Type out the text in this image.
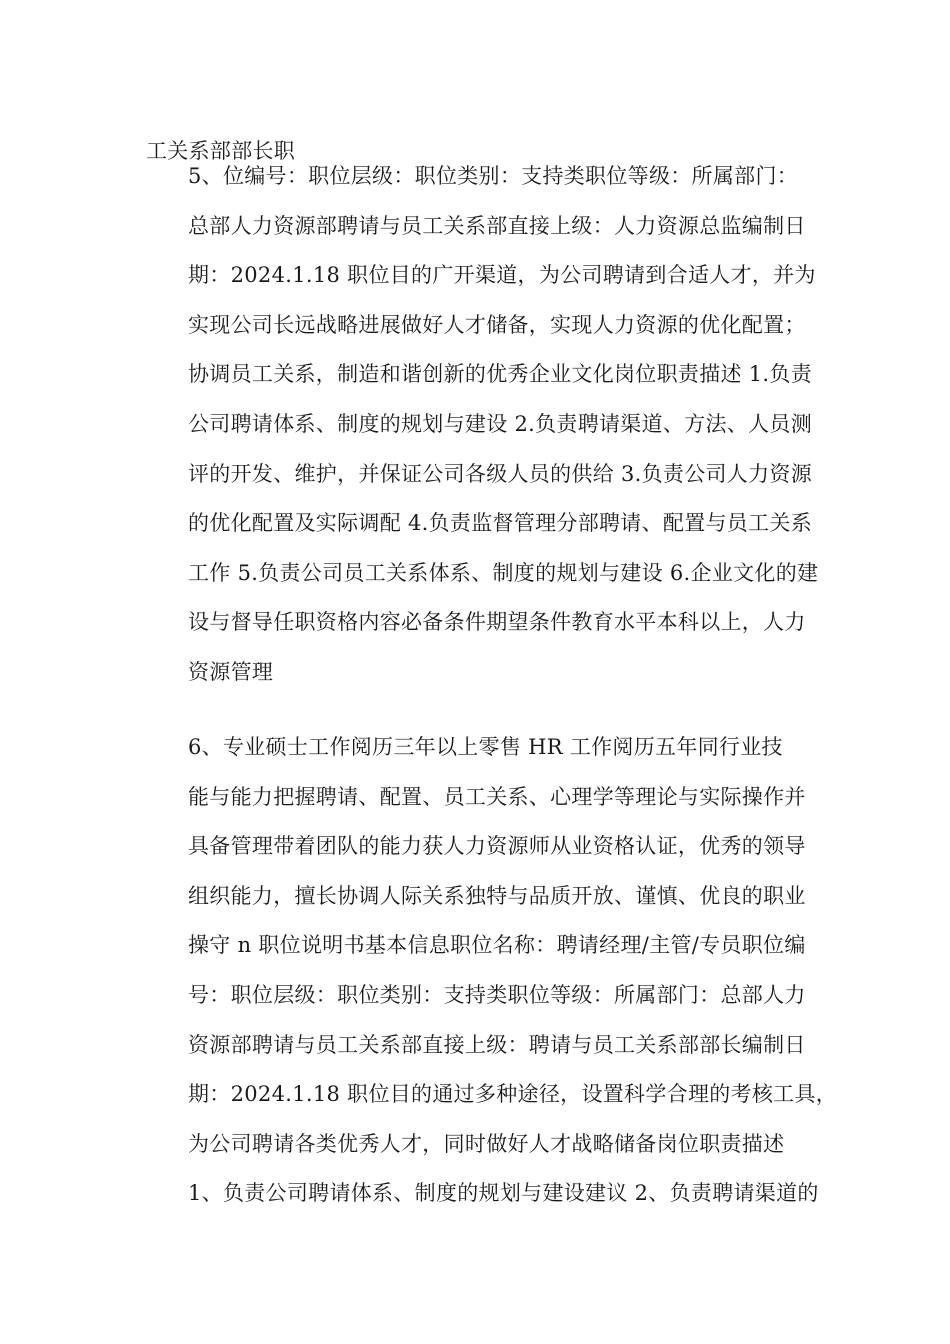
工关系部部长职
5、位编号：职位层级：职位类别：支持类职位等级：所属部门：
总部人力资源部聘请与员工关系部直接上级：人力资源总监编制日
期：2024.1.18 职位目的广开渠道，为公司聘请到合适人才，并为
实现公司长远战略进展做好人才储备，实现人力资源的优化配置；
协调员工关系，制造和谐创新的优秀企业文化岗位职责描述 1.负责
公司聘请体系、制度的规划与建设 2.负责聘请渠道、方法、人员测
评的开发、维护，并保证公司各级人员的供给 3.负责公司人力资源
的优化配置及实际调配 4.负责监督管理分部聘请、配置与员工关系
工作 5.负责公司员工关系体系、制度的规划与建设 6.企业文化的建
设与督导任职资格内容必备条件期望条件教育水平本科以上，人力
资源管理
6、专业硕士工作阅历三年以上零售 HR 工作阅历五年同行业技
能与能力把握聘请、配置、员工关系、心理学等理论与实际操作并
具备管理带着团队的能力获人力资源师从业资格认证，优秀的领导
组织能力，擅长协调人际关系独特与品质开放、谨慎、优良的职业
操守 n 职位说明书基本信息职位名称：聘请经理/主管/专员职位编
号：职位层级：职位类别：支持类职位等级：所属部门：总部人力
资源部聘请与员工关系部直接上级：聘请与员工关系部部长编制日
期：2024.1.18 职位目的通过多种途径，设置科学合理的考核工具，
为公司聘请各类优秀人才，同时做好人才战略储备岗位职责描述
1、负责公司聘请体系、制度的规划与建设建议 2、负责聘请渠道的
